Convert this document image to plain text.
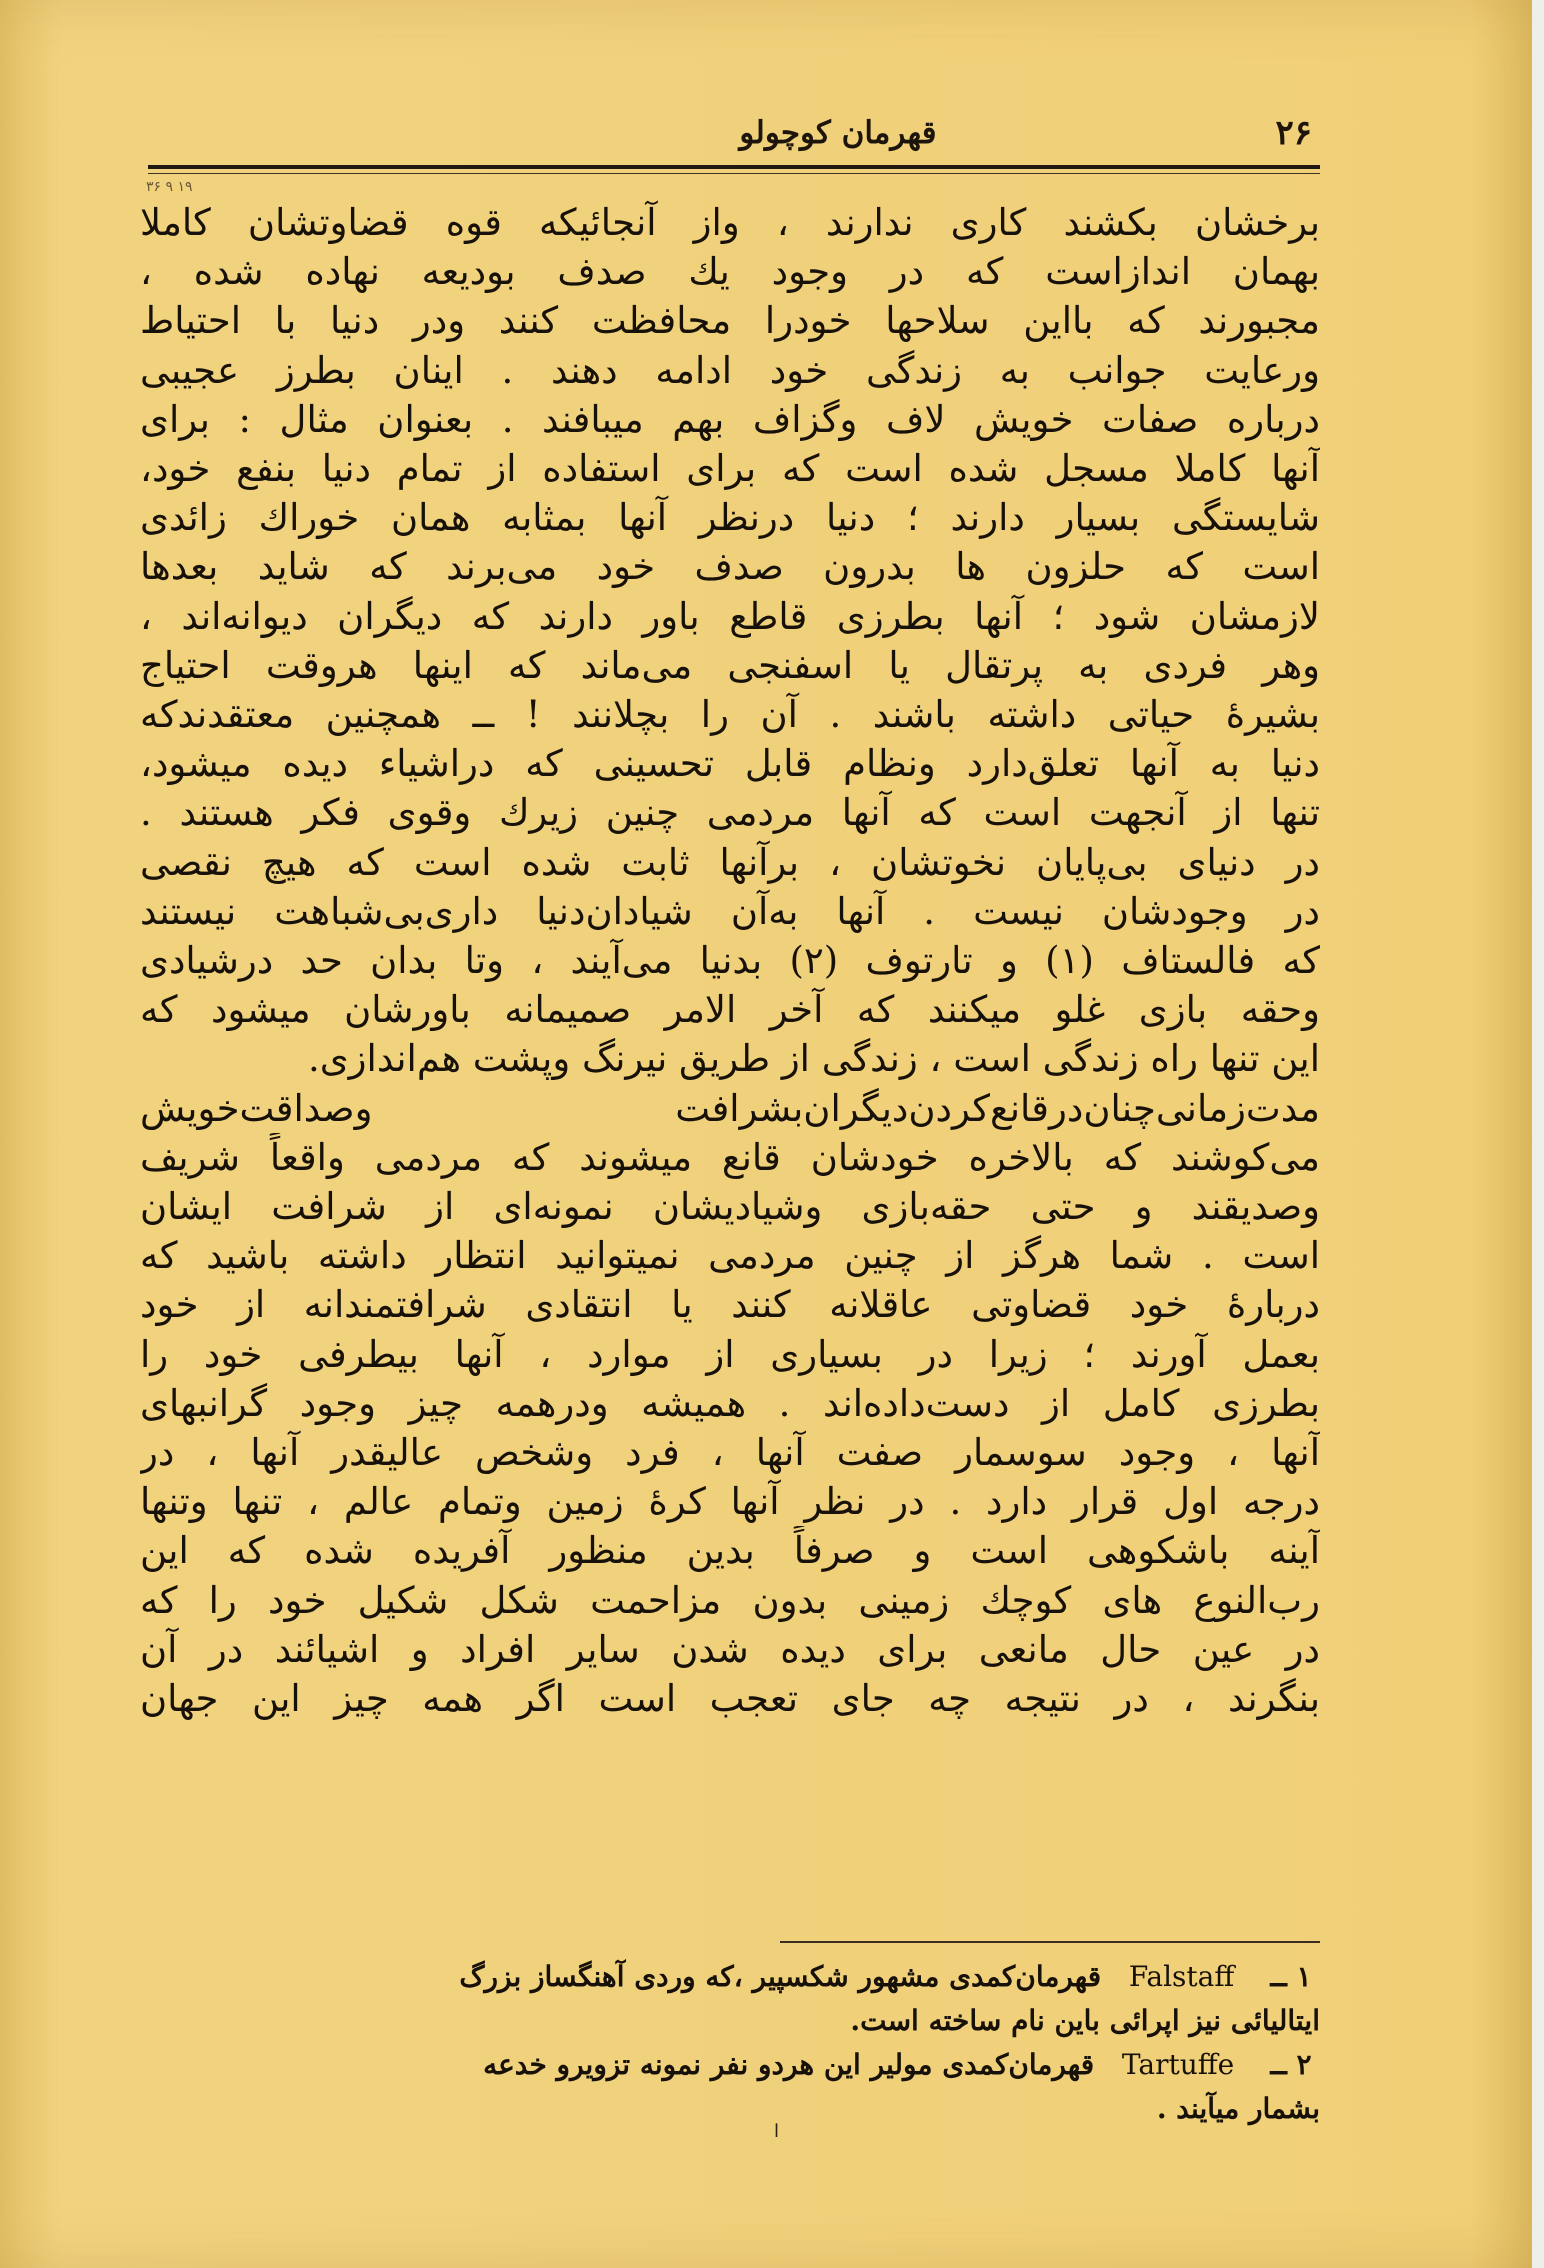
۲۶
قهرمان کوچولو
۳۶ ۹ ۱۹
برخشان بکشند کاری ندارند ، واز آنجائیکه قوه قضاوتشان کاملا
بهمان اندازاست که در وجود یك صدف بودیعه نهاده شده ،
مجبورند که بااین سلاحها خودرا محافظت کنند ودر دنیا با احتیاط
ورعایت جوانب به زندگی خود ادامه دهند . اینان بطرز عجیبی
درباره صفات خویش لاف وگزاف بهم میبافند . بعنوان مثال : برای
آنها کاملا مسجل شده است که برای استفاده از تمام دنیا بنفع خود،
شایستگی بسیار دارند ؛ دنیا درنظر آنها بمثابه همان خوراك زائدی
است که حلزون ها بدرون صدف خود می‌برند که شاید بعدها
لازمشان شود ؛ آنها بطرزی قاطع باور دارند که دیگران دیوانه‌اند ،
وهر فردی به پرتقال یا اسفنجی می‌ماند که اینها هروقت احتیاج
بشیرهٔ حیاتی داشته باشند . آن را بچلانند ! ــ همچنین معتقدندکه
دنیا به آنها تعلق‌دارد ونظام قابل تحسینی که دراشیاء دیده میشود،
تنها از آنجهت است که آنها مردمی چنین زیرك وقوی فکر هستند .
در دنیای بی‌پایان نخوتشان ، برآنها ثابت شده است که هیچ نقصی
در وجودشان نیست . آنها به‌آن شیادان‌دنیا داری‌بی‌شباهت نیستند
که فالستاف (۱) و تارتوف (۲) بدنیا می‌آیند ، وتا بدان حد درشیادی
وحقه بازی غلو میکنند که آخر الامر صمیمانه باورشان میشود که
این تنها راه زندگی است ، زندگی از طریق نیرنگ وپشت هم‌اندازی.
مدت‌زمانی‌چنان‌درقانع‌کردن‌دیگران‌بشرافت وصداقت‌خویش
می‌کوشند که بالاخره خودشان قانع میشوند که مردمی واقعاً شریف
وصدیقند و حتی حقه‌بازی وشیادیشان نمونه‌ای از شرافت ایشان
است . شما هرگز از چنین مردمی نمیتوانید انتظار داشته باشید که
دربارهٔ خود قضاوتی عاقلانه کنند یا انتقادی شرافتمندانه از خود
بعمل آورند ؛ زیرا در بسیاری از موارد ، آنها بیطرفی خود را
بطرزی کامل از دست‌داده‌اند . همیشه ودرهمه چیز وجود گرانبهای
آنها ، وجود سوسمار صفت آنها ، فرد وشخص عالیقدر آنها ، در
درجه اول قرار دارد . در نظر آنها کرهٔ زمین وتمام عالم ، تنها وتنها
آینه باشکوهی است و صرفاً بدین منظور آفریده شده که این
رب‌النوع های کوچك زمینی بدون مزاحمت شکل شکیل خود را که
در عین حال مانعی برای دیده شدن سایر افراد و اشیائند در آن
بنگرند ، در نتیجه چه جای تعجب است اگر همه چیز این جهان
۱ ــ Falstaff قهرمان‌کمدی مشهور شکسپیر ،که وردی آهنگساز بزرگ
ایتالیائی نیز اپرائی باین نام ساخته است.
۲ ــ Tartuffe قهرمان‌کمدی مولیر این هردو نفر نمونه تزویرو خدعه
بشمار میآیند .
ا
